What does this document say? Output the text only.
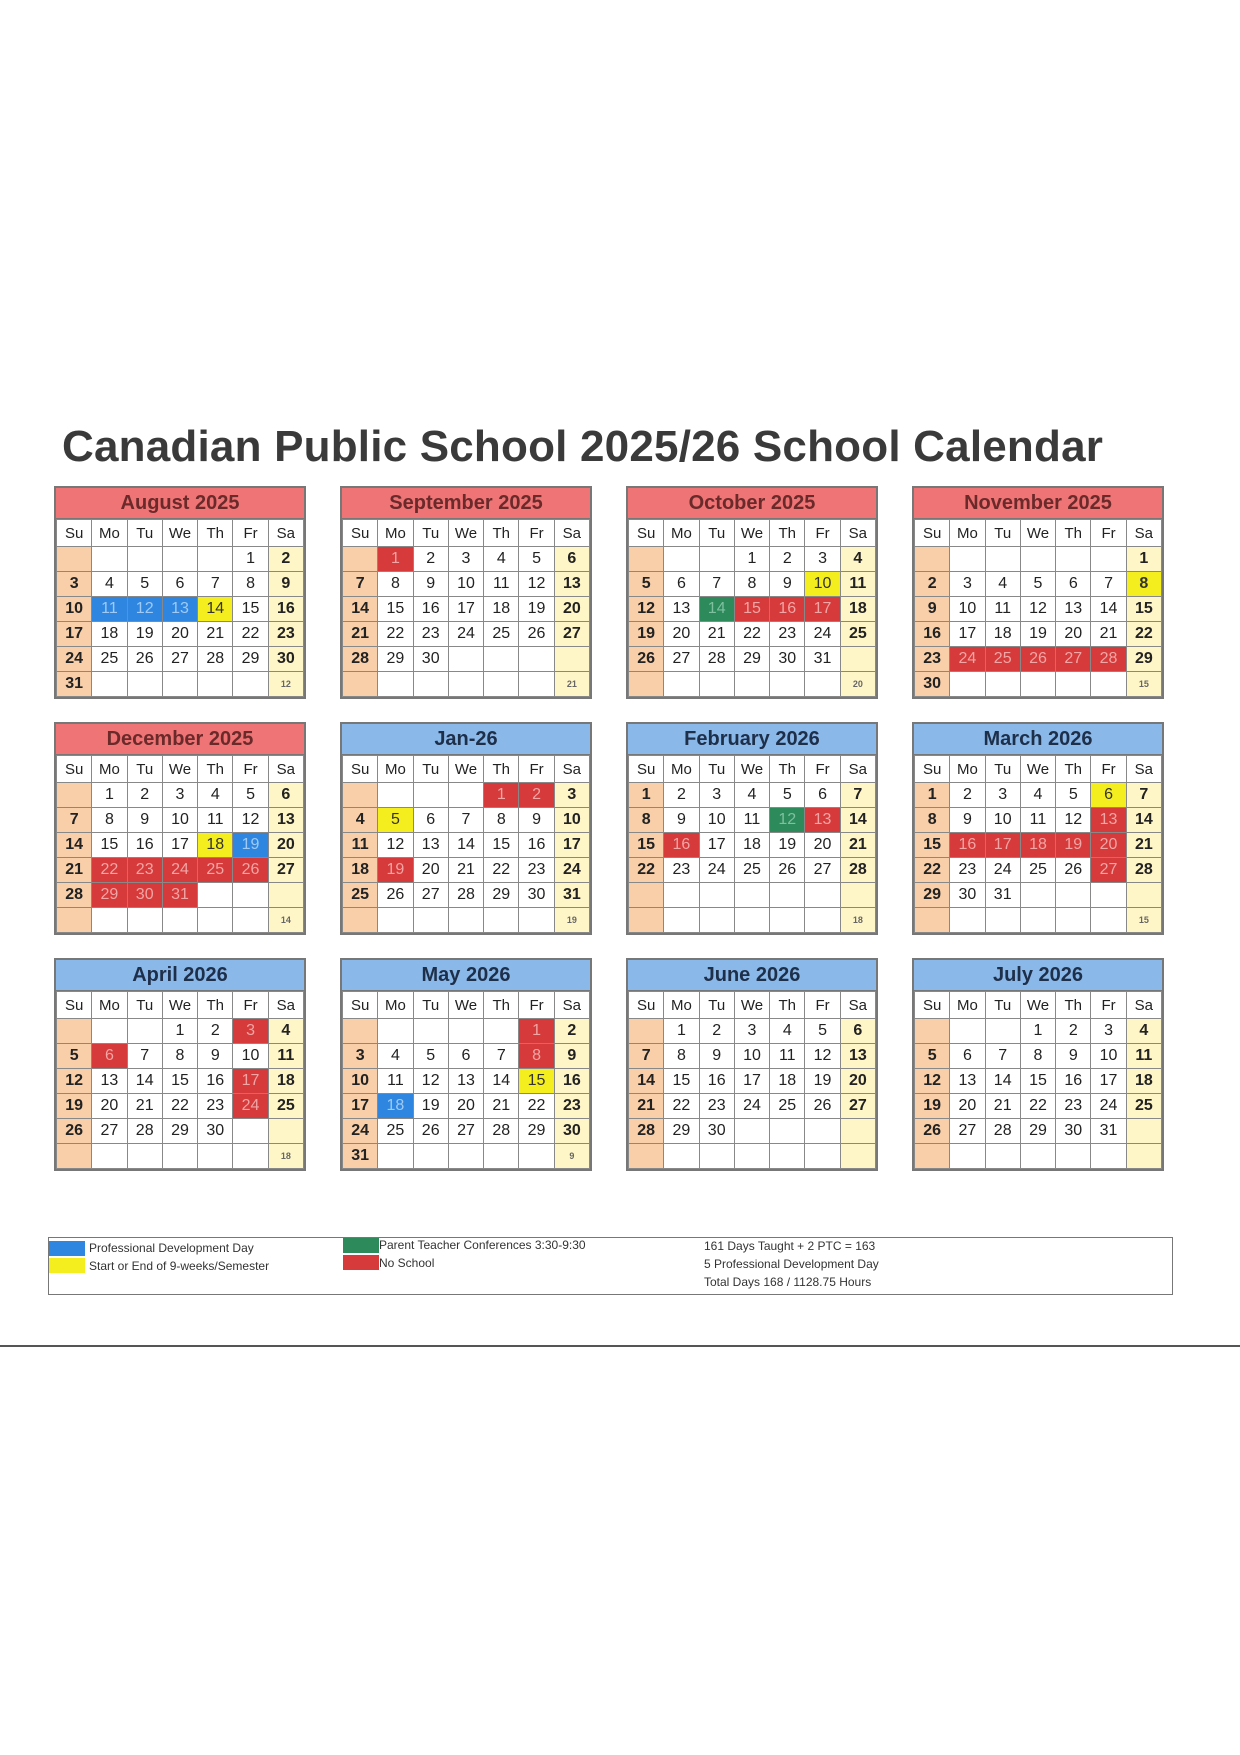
Canadian Public School 2025/26 School Calendar
August 2025
Su	Mo	Tu	We	Th	Fr	Sa
					1	2
3	4	5	6	7	8	9
10	11	12	13	14	15	16
17	18	19	20	21	22	23
24	25	26	27	28	29	30
31						12
September 2025
Su	Mo	Tu	We	Th	Fr	Sa
	1	2	3	4	5	6
7	8	9	10	11	12	13
14	15	16	17	18	19	20
21	22	23	24	25	26	27
28	29	30				
						21
October 2025
Su	Mo	Tu	We	Th	Fr	Sa
			1	2	3	4
5	6	7	8	9	10	11
12	13	14	15	16	17	18
19	20	21	22	23	24	25
26	27	28	29	30	31	
						20
November 2025
Su	Mo	Tu	We	Th	Fr	Sa
						1
2	3	4	5	6	7	8
9	10	11	12	13	14	15
16	17	18	19	20	21	22
23	24	25	26	27	28	29
30						15
December 2025
Su	Mo	Tu	We	Th	Fr	Sa
	1	2	3	4	5	6
7	8	9	10	11	12	13
14	15	16	17	18	19	20
21	22	23	24	25	26	27
28	29	30	31			
						14
Jan-26
Su	Mo	Tu	We	Th	Fr	Sa
				1	2	3
4	5	6	7	8	9	10
11	12	13	14	15	16	17
18	19	20	21	22	23	24
25	26	27	28	29	30	31
						19
February 2026
Su	Mo	Tu	We	Th	Fr	Sa
1	2	3	4	5	6	7
8	9	10	11	12	13	14
15	16	17	18	19	20	21
22	23	24	25	26	27	28

						18
March 2026
Su	Mo	Tu	We	Th	Fr	Sa
1	2	3	4	5	6	7
8	9	10	11	12	13	14
15	16	17	18	19	20	21
22	23	24	25	26	27	28
29	30	31				
						15
April 2026
Su	Mo	Tu	We	Th	Fr	Sa
			1	2	3	4
5	6	7	8	9	10	11
12	13	14	15	16	17	18
19	20	21	22	23	24	25
26	27	28	29	30		
						18
May 2026
Su	Mo	Tu	We	Th	Fr	Sa
					1	2
3	4	5	6	7	8	9
10	11	12	13	14	15	16
17	18	19	20	21	22	23
24	25	26	27	28	29	30
31						9
June 2026
Su	Mo	Tu	We	Th	Fr	Sa
	1	2	3	4	5	6
7	8	9	10	11	12	13
14	15	16	17	18	19	20
21	22	23	24	25	26	27
28	29	30				

July 2026
Su	Mo	Tu	We	Th	Fr	Sa
			1	2	3	4
5	6	7	8	9	10	11
12	13	14	15	16	17	18
19	20	21	22	23	24	25
26	27	28	29	30	31	

Professional Development Day
Start or End of 9-weeks/Semester
Parent Teacher Conferences 3:30-9:30
No School
161 Days Taught + 2 PTC = 163
5 Professional Development Day
Total Days 168 / 1128.75 Hours
